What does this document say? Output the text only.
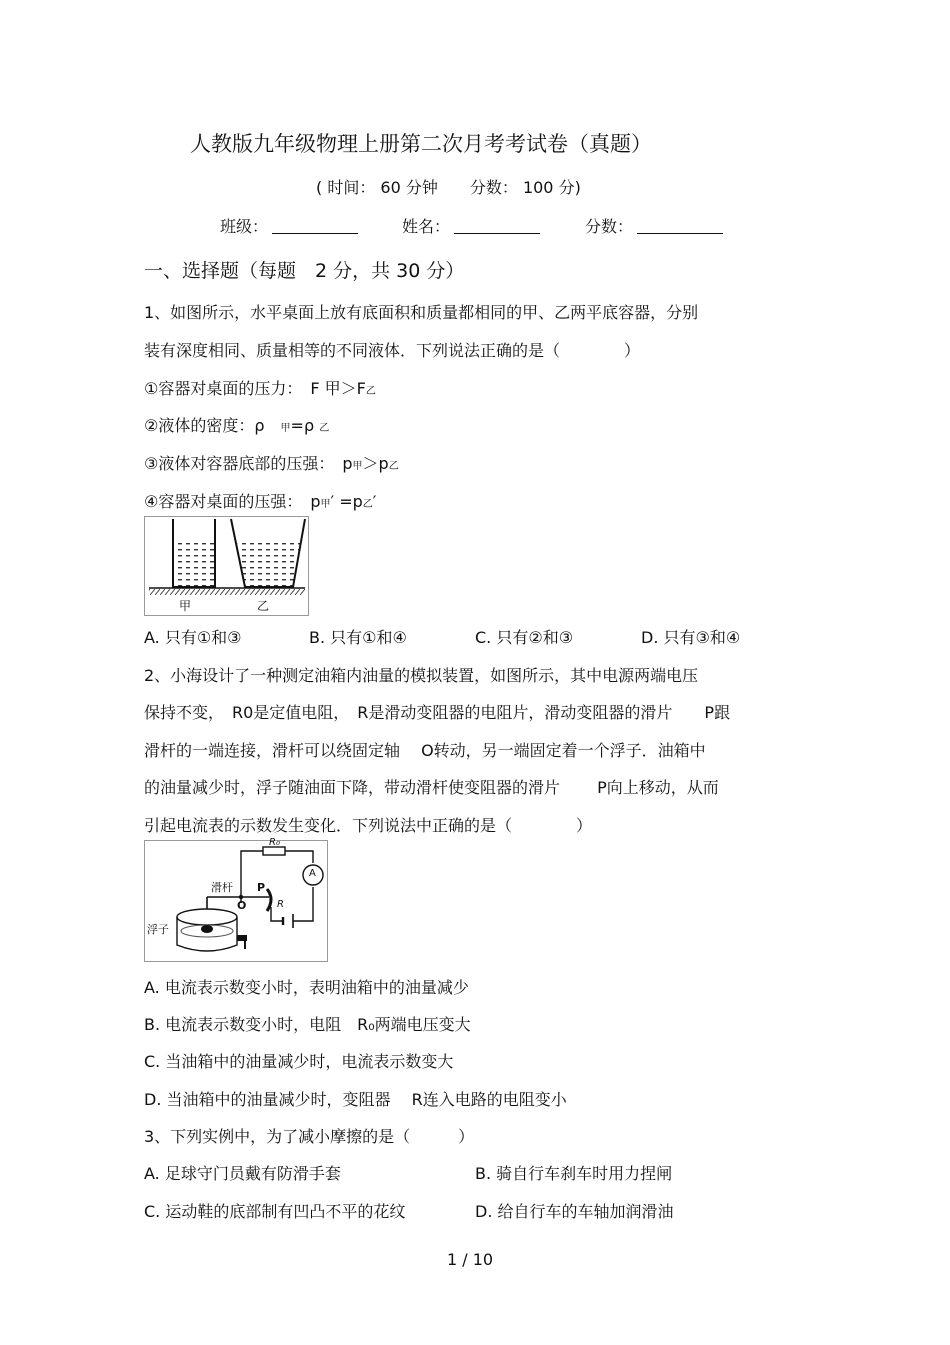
人教版九年级物理上册第二次月考考试卷（真题）
( 时间： 60 分钟　　分数： 100 分)
班级：	姓名：	分数：
一、选择题（每题　2 分，共 30 分）
1、如图所示，水平桌面上放有底面积和质量都相同的甲、乙两平底容器，分别
装有深度相同、质量相等的不同液体．下列说法正确的是（　　　　）
①容器对桌面的压力：　F 甲＞F乙
②液体的密度：ρ　 甲=ρ 乙
③液体对容器底部的压强：　p甲＞p乙
④容器对桌面的压强：　p甲′ =p乙′
甲	乙
A. 只有①和③	B. 只有①和④	C. 只有②和③	D. 只有③和④
2、小海设计了一种测定油箱内油量的模拟装置，如图所示，其中电源两端电压
保持不变，　R0是定值电阻，　R是滑动变阻器的电阻片，滑动变阻器的滑片　　P跟
滑杆的一端连接，滑杆可以绕固定轴　 O转动，另一端固定着一个浮子．油箱中
的油量减少时，浮子随油面下降，带动滑杆使变阻器的滑片　　 P向上移动，从而
引起电流表的示数发生变化．下列说法中正确的是（　　　　）
R₀
A
滑杆 P
O	R
浮子
A. 电流表示数变小时，表明油箱中的油量减少
B. 电流表示数变小时，电阻　R₀两端电压变大
C. 当油箱中的油量减少时，电流表示数变大
D. 当油箱中的油量减少时，变阻器　 R连入电路的电阻变小
3、下列实例中，为了减小摩擦的是（　　　）
A. 足球守门员戴有防滑手套	B. 骑自行车刹车时用力捏闸
C. 运动鞋的底部制有凹凸不平的花纹	D. 给自行车的车轴加润滑油
1 / 10
